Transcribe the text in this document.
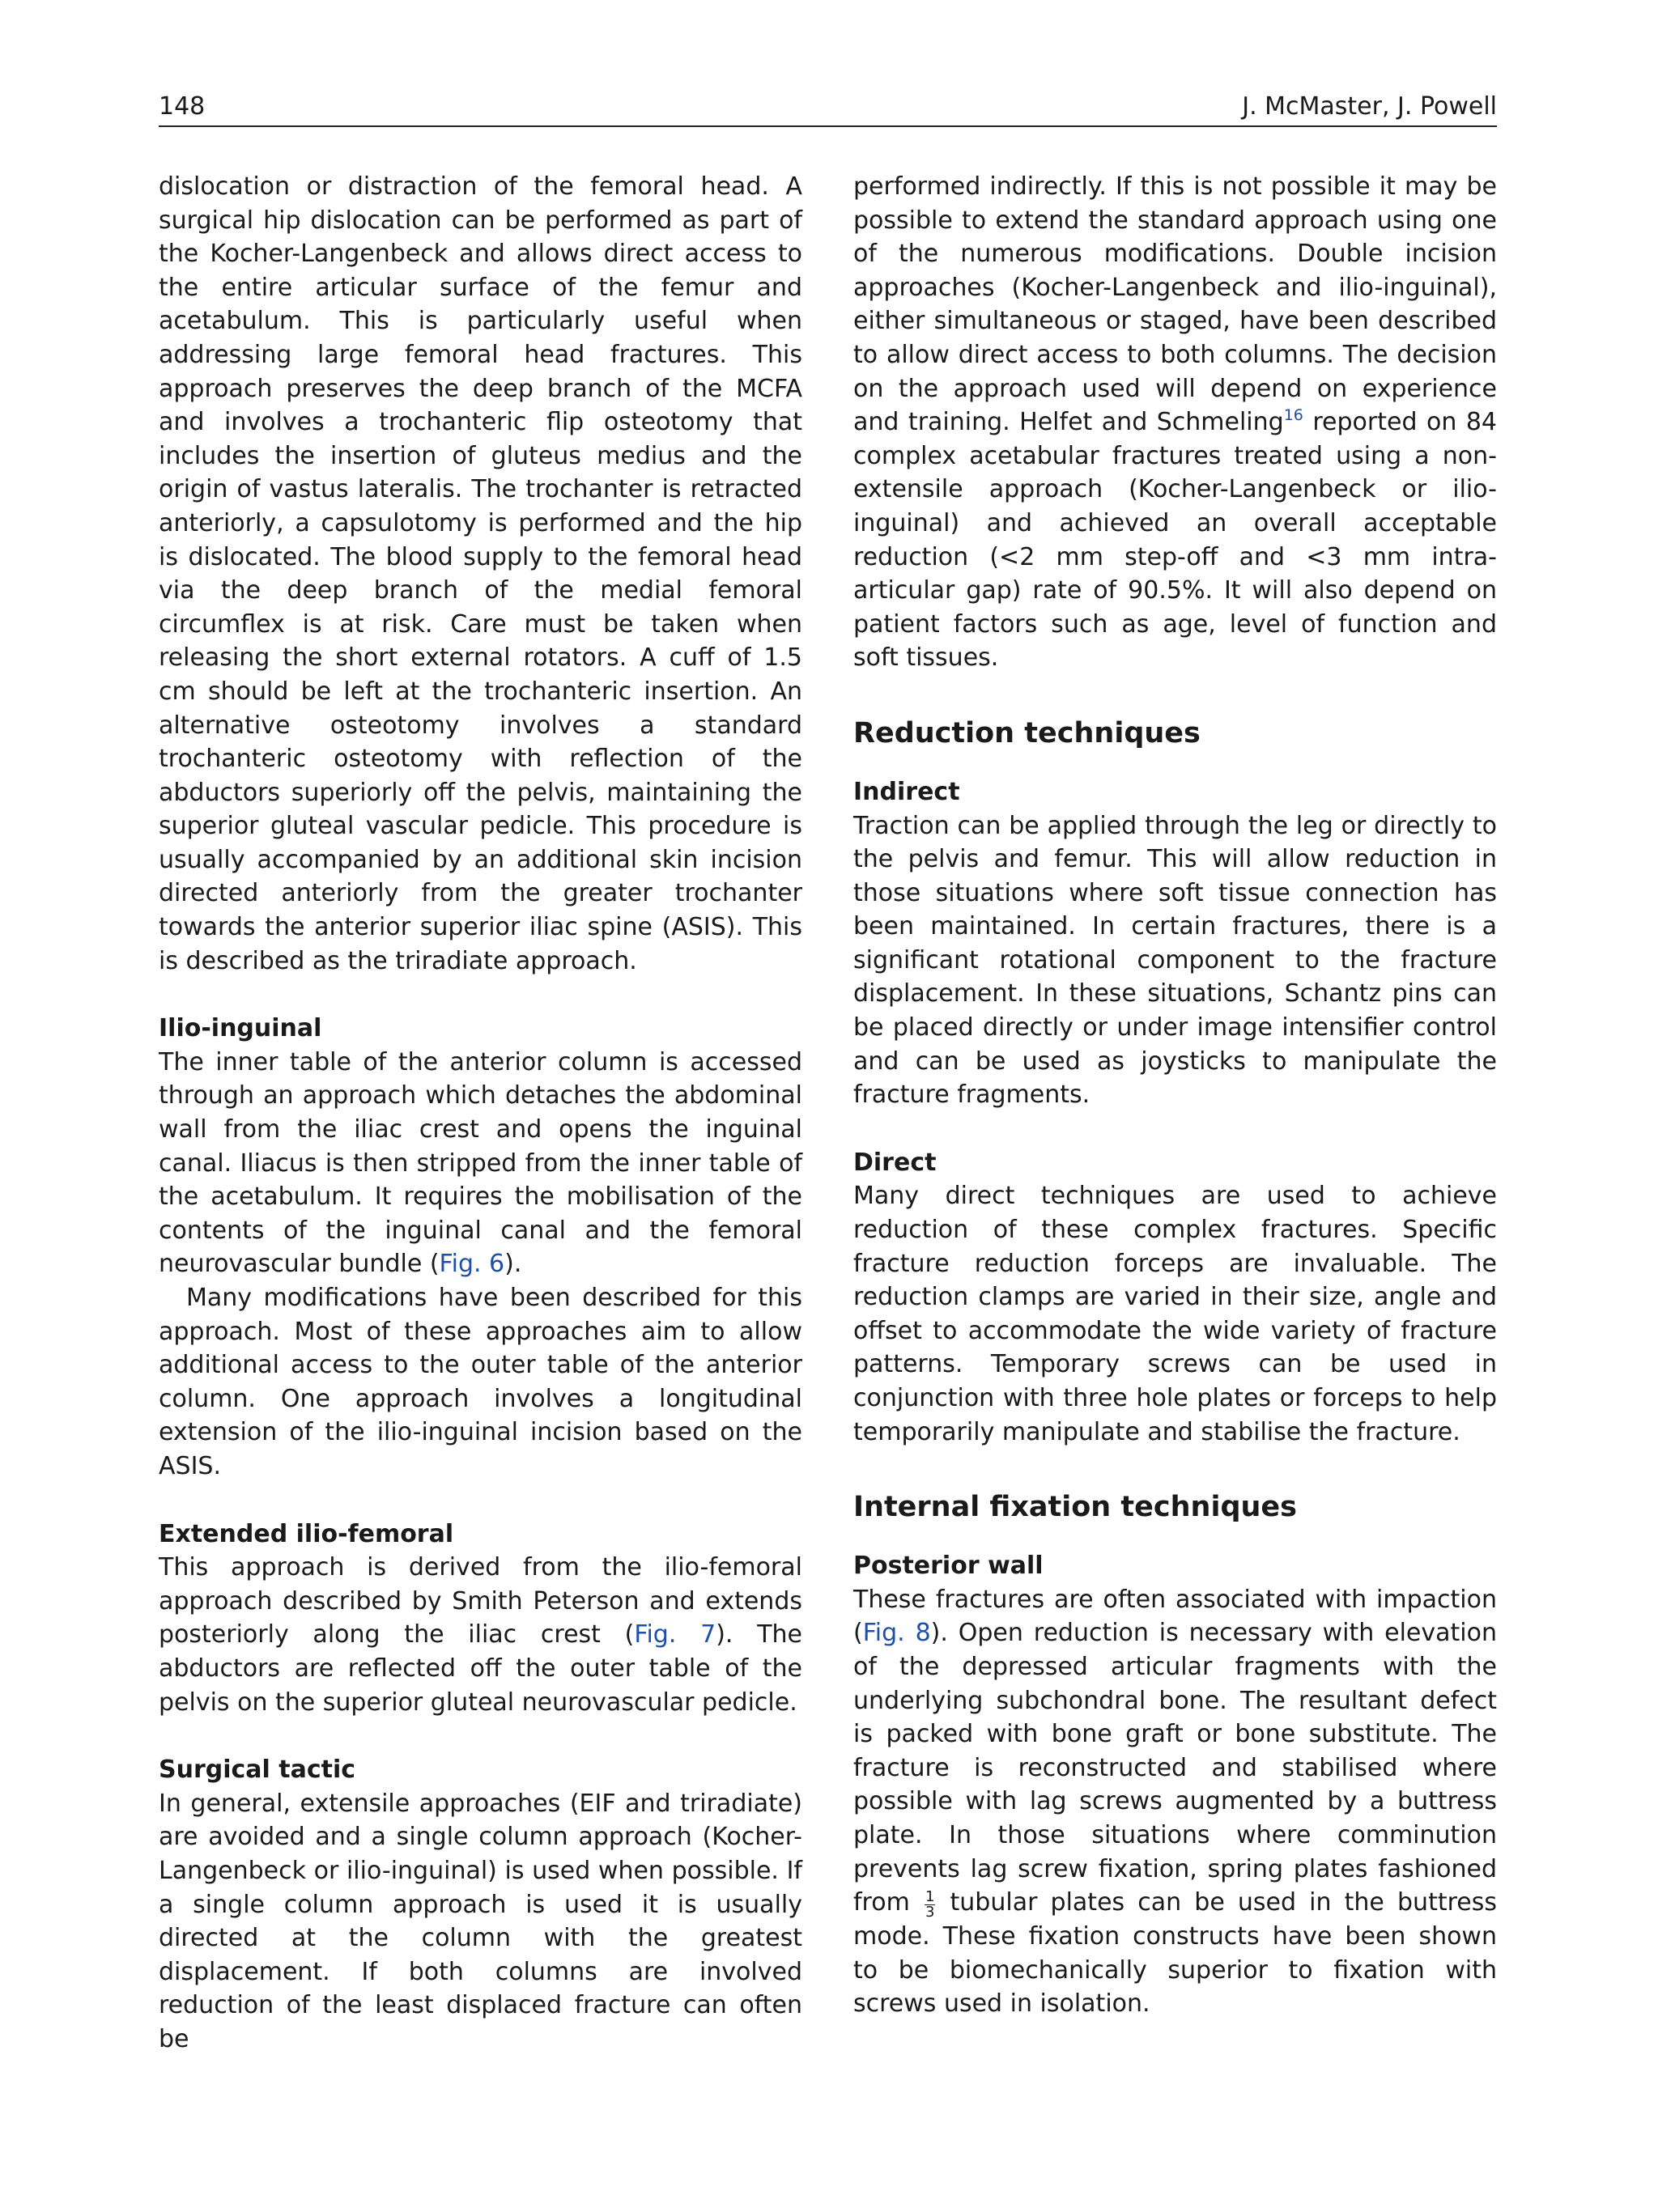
148	J. McMaster, J. Powell

dislocation or distraction of the femoral head. A surgical hip dislocation can be performed as part of the Kocher-Langenbeck and allows direct access to the entire articular surface of the femur and acetabulum. This is particularly useful when addressing large femoral head fractures. This approach preserves the deep branch of the MCFA and involves a trochanteric flip osteotomy that includes the insertion of gluteus medius and the origin of vastus lateralis. The trochanter is retracted anteriorly, a capsulotomy is performed and the hip is dislocated. The blood supply to the femoral head via the deep branch of the medial femoral circumflex is at risk. Care must be taken when releasing the short external rotators. A cuff of 1.5 cm should be left at the trochanteric insertion. An alternative osteotomy involves a standard trochanteric osteotomy with reflection of the abductors superiorly off the pelvis, maintaining the superior gluteal vascular pedicle. This procedure is usually accompanied by an additional skin incision directed anteriorly from the greater trochanter towards the anterior superior iliac spine (ASIS). This is described as the triradiate approach.

Ilio-inguinal

The inner table of the anterior column is accessed through an approach which detaches the abdominal wall from the iliac crest and opens the inguinal canal. Iliacus is then stripped from the inner table of the acetabulum. It requires the mobilisation of the contents of the inguinal canal and the femoral neurovascular bundle (Fig. 6).

Many modifications have been described for this approach. Most of these approaches aim to allow additional access to the outer table of the anterior column. One approach involves a longitudinal extension of the ilio-inguinal incision based on the ASIS.

Extended ilio-femoral

This approach is derived from the ilio-femoral approach described by Smith Peterson and extends posteriorly along the iliac crest (Fig. 7). The abductors are reflected off the outer table of the pelvis on the superior gluteal neurovascular pedicle.

Surgical tactic

In general, extensile approaches (EIF and triradiate) are avoided and a single column approach (Kocher-Langenbeck or ilio-inguinal) is used when possible. If a single column approach is used it is usually directed at the column with the greatest displacement. If both columns are involved reduction of the least displaced fracture can often be

performed indirectly. If this is not possible it may be possible to extend the standard approach using one of the numerous modifications. Double incision approaches (Kocher-Langenbeck and ilio-inguinal), either simultaneous or staged, have been described to allow direct access to both columns. The decision on the approach used will depend on experience and training. Helfet and Schmeling$^{16}$ reported on 84 complex acetabular fractures treated using a non-extensile approach (Kocher-Langenbeck or ilio-inguinal) and achieved an overall acceptable reduction (<2 mm step-off and <3 mm intra-articular gap) rate of 90.5%. It will also depend on patient factors such as age, level of function and soft tissues.

Reduction techniques
Indirect

Traction can be applied through the leg or directly to the pelvis and femur. This will allow reduction in those situations where soft tissue connection has been maintained. In certain fractures, there is a significant rotational component to the fracture displacement. In these situations, Schantz pins can be placed directly or under image intensifier control and can be used as joysticks to manipulate the fracture fragments.

Direct

Many direct techniques are used to achieve reduction of these complex fractures. Specific fracture reduction forceps are invaluable. The reduction clamps are varied in their size, angle and offset to accommodate the wide variety of fracture patterns. Temporary screws can be used in conjunction with three hole plates or forceps to help temporarily manipulate and stabilise the fracture.

Internal fixation techniques
Posterior wall

These fractures are often associated with impaction (Fig. 8). Open reduction is necessary with elevation of the depressed articular fragments with the underlying subchondral bone. The resultant defect is packed with bone graft or bone substitute. The fracture is reconstructed and stabilised where possible with lag screws augmented by a buttress plate. In those situations where comminution prevents lag screw fixation, spring plates fashioned from $\frac{1}{3}$ tubular plates can be used in the buttress mode. These fixation constructs have been shown to be biomechanically superior to fixation with screws used in isolation.
